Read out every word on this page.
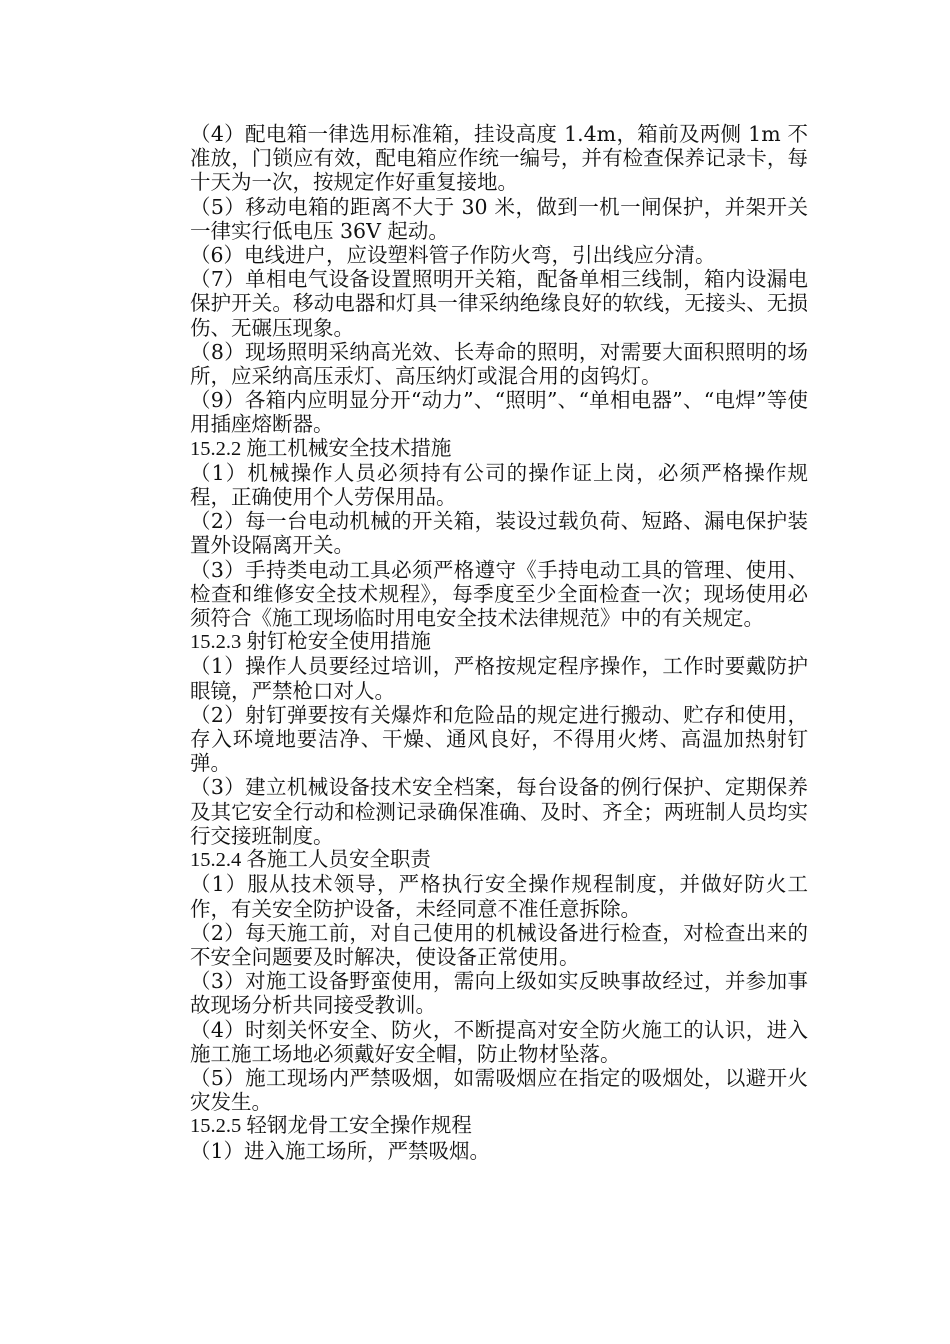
（4）配电箱一律选用标准箱，挂设高度 1.4m，箱前及两侧 1m 不准放，门锁应有效，配电箱应作统一编号，并有检查保养记录卡，每十天为一次，按规定作好重复接地。

（5）移动电箱的距离不大于 30 米，做到一机一闸保护，并架开关一律实行低电压 36V 起动。

（6）电线进户，应设塑料管子作防火弯，引出线应分清。

（7）单相电气设备设置照明开关箱，配备单相三线制，箱内设漏电保护开关。移动电器和灯具一律采纳绝缘良好的软线，无接头、无损伤、无碾压现象。

（8）现场照明采纳高光效、长寿命的照明，对需要大面积照明的场所，应采纳高压汞灯、高压纳灯或混合用的卤钨灯。

（9）各箱内应明显分开“动力”、“照明”、“单相电器”、“电焊”等使用插座熔断器。

15.2.2 施工机械安全技术措施

（1）机械操作人员必须持有公司的操作证上岗，必须严格操作规程，正确使用个人劳保用品。

（2）每一台电动机械的开关箱，装设过载负荷、短路、漏电保护装置外设隔离开关。

（3）手持类电动工具必须严格遵守《手持电动工具的管理、使用、检查和维修安全技术规程》，每季度至少全面检查一次；现场使用必须符合《施工现场临时用电安全技术法律规范》中的有关规定。

15.2.3 射钉枪安全使用措施

（1）操作人员要经过培训，严格按规定程序操作，工作时要戴防护眼镜，严禁枪口对人。

（2）射钉弹要按有关爆炸和危险品的规定进行搬动、贮存和使用，存入环境地要洁净、干燥、通风良好，不得用火烤、高温加热射钉弹。

（3）建立机械设备技术安全档案，每台设备的例行保护、定期保养及其它安全行动和检测记录确保准确、及时、齐全；两班制人员均实行交接班制度。

15.2.4 各施工人员安全职责

（1）服从技术领导，严格执行安全操作规程制度，并做好防火工作，有关安全防护设备，未经同意不准任意拆除。

（2）每天施工前，对自己使用的机械设备进行检查，对检查出来的不安全问题要及时解决，使设备正常使用。

（3）对施工设备野蛮使用，需向上级如实反映事故经过，并参加事故现场分析共同接受教训。

（4）时刻关怀安全、防火，不断提高对安全防火施工的认识，进入施工施工场地必须戴好安全帽，防止物材坠落。

（5）施工现场内严禁吸烟，如需吸烟应在指定的吸烟处，以避开火灾发生。

15.2.5 轻钢龙骨工安全操作规程

（1）进入施工场所，严禁吸烟。
